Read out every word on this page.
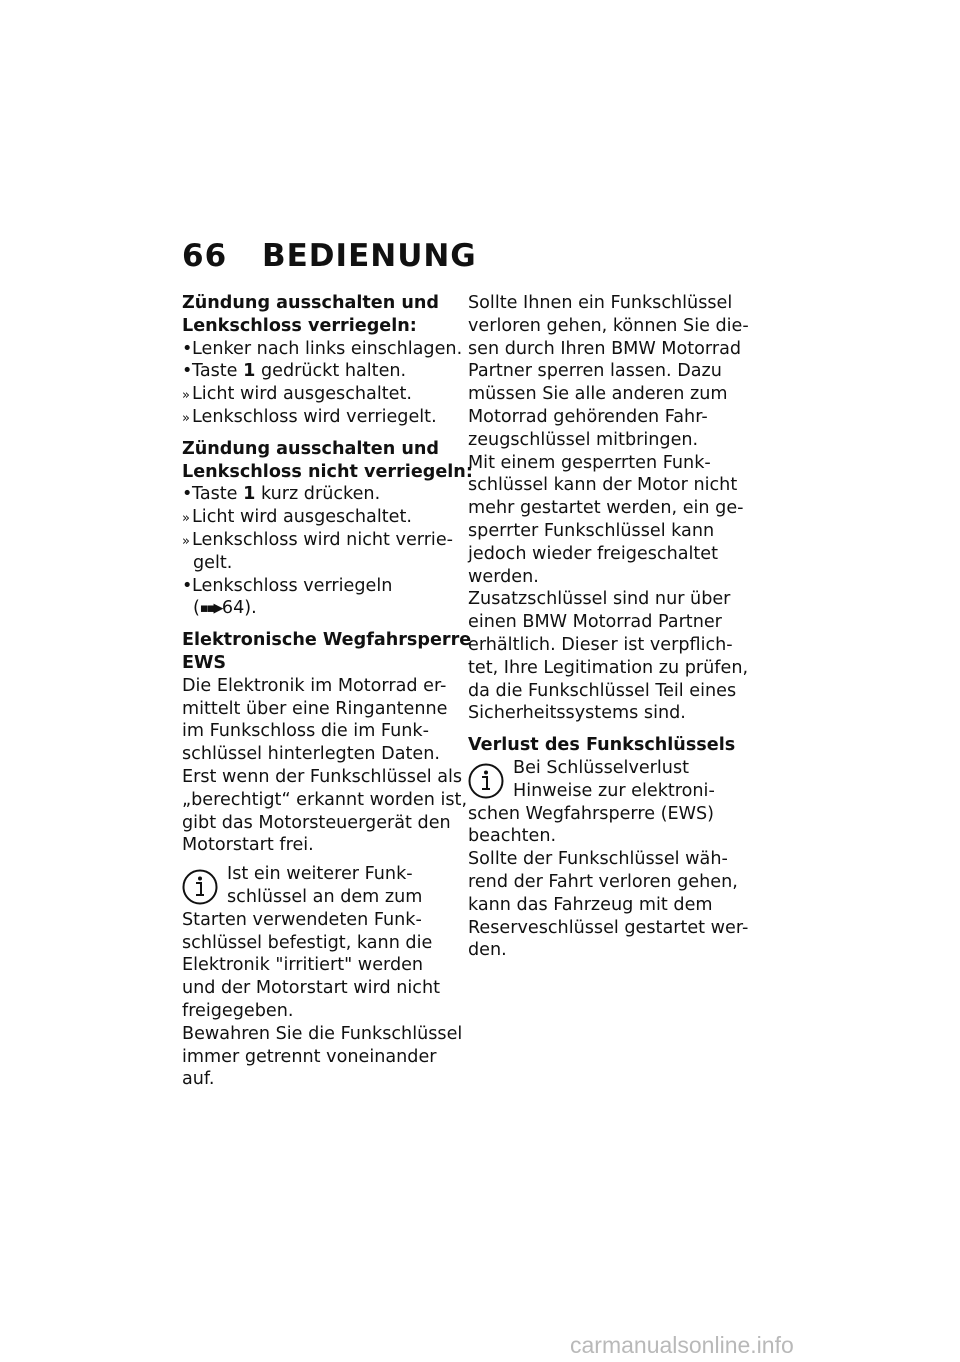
66 BEDIENUNG
Zündung ausschalten und
Lenkschloss verriegeln:
•Lenker nach links einschlagen.
•Taste 1 gedrückt halten.
» Licht wird ausgeschaltet.
» Lenkschloss wird verriegelt.
Zündung ausschalten und
Lenkschloss nicht verriegeln:
•Taste 1 kurz drücken.
» Licht wird ausgeschaltet.
» Lenkschloss wird nicht verrie-
gelt.
•Lenkschloss verriegeln
(▪▪▶64).
Elektronische Wegfahrsperre
EWS
Die Elektronik im Motorrad er-
mittelt über eine Ringantenne
im Funkschloss die im Funk-
schlüssel hinterlegten Daten.
Erst wenn der Funkschlüssel als
„berechtigt“ erkannt worden ist,
gibt das Motorsteuergerät den
Motorstart frei.
Ist ein weiterer Funk-
schlüssel an dem zum
Starten verwendeten Funk-
schlüssel befestigt, kann die
Elektronik "irritiert" werden
und der Motorstart wird nicht
freigegeben.
Bewahren Sie die Funkschlüssel
immer getrennt voneinander
auf.
Sollte Ihnen ein Funkschlüssel
verloren gehen, können Sie die-
sen durch Ihren BMW Motorrad
Partner sperren lassen. Dazu
müssen Sie alle anderen zum
Motorrad gehörenden Fahr-
zeugschlüssel mitbringen.
Mit einem gesperrten Funk-
schlüssel kann der Motor nicht
mehr gestartet werden, ein ge-
sperrter Funkschlüssel kann
jedoch wieder freigeschaltet
werden.
Zusatzschlüssel sind nur über
einen BMW Motorrad Partner
erhältlich. Dieser ist verpflich-
tet, Ihre Legitimation zu prüfen,
da die Funkschlüssel Teil eines
Sicherheitssystems sind.
Verlust des Funkschlüssels
Bei Schlüsselverlust
Hinweise zur elektroni-
schen Wegfahrsperre (EWS)
beachten.
Sollte der Funkschlüssel wäh-
rend der Fahrt verloren gehen,
kann das Fahrzeug mit dem
Reserveschlüssel gestartet wer-
den.
carmanualsonline.info
